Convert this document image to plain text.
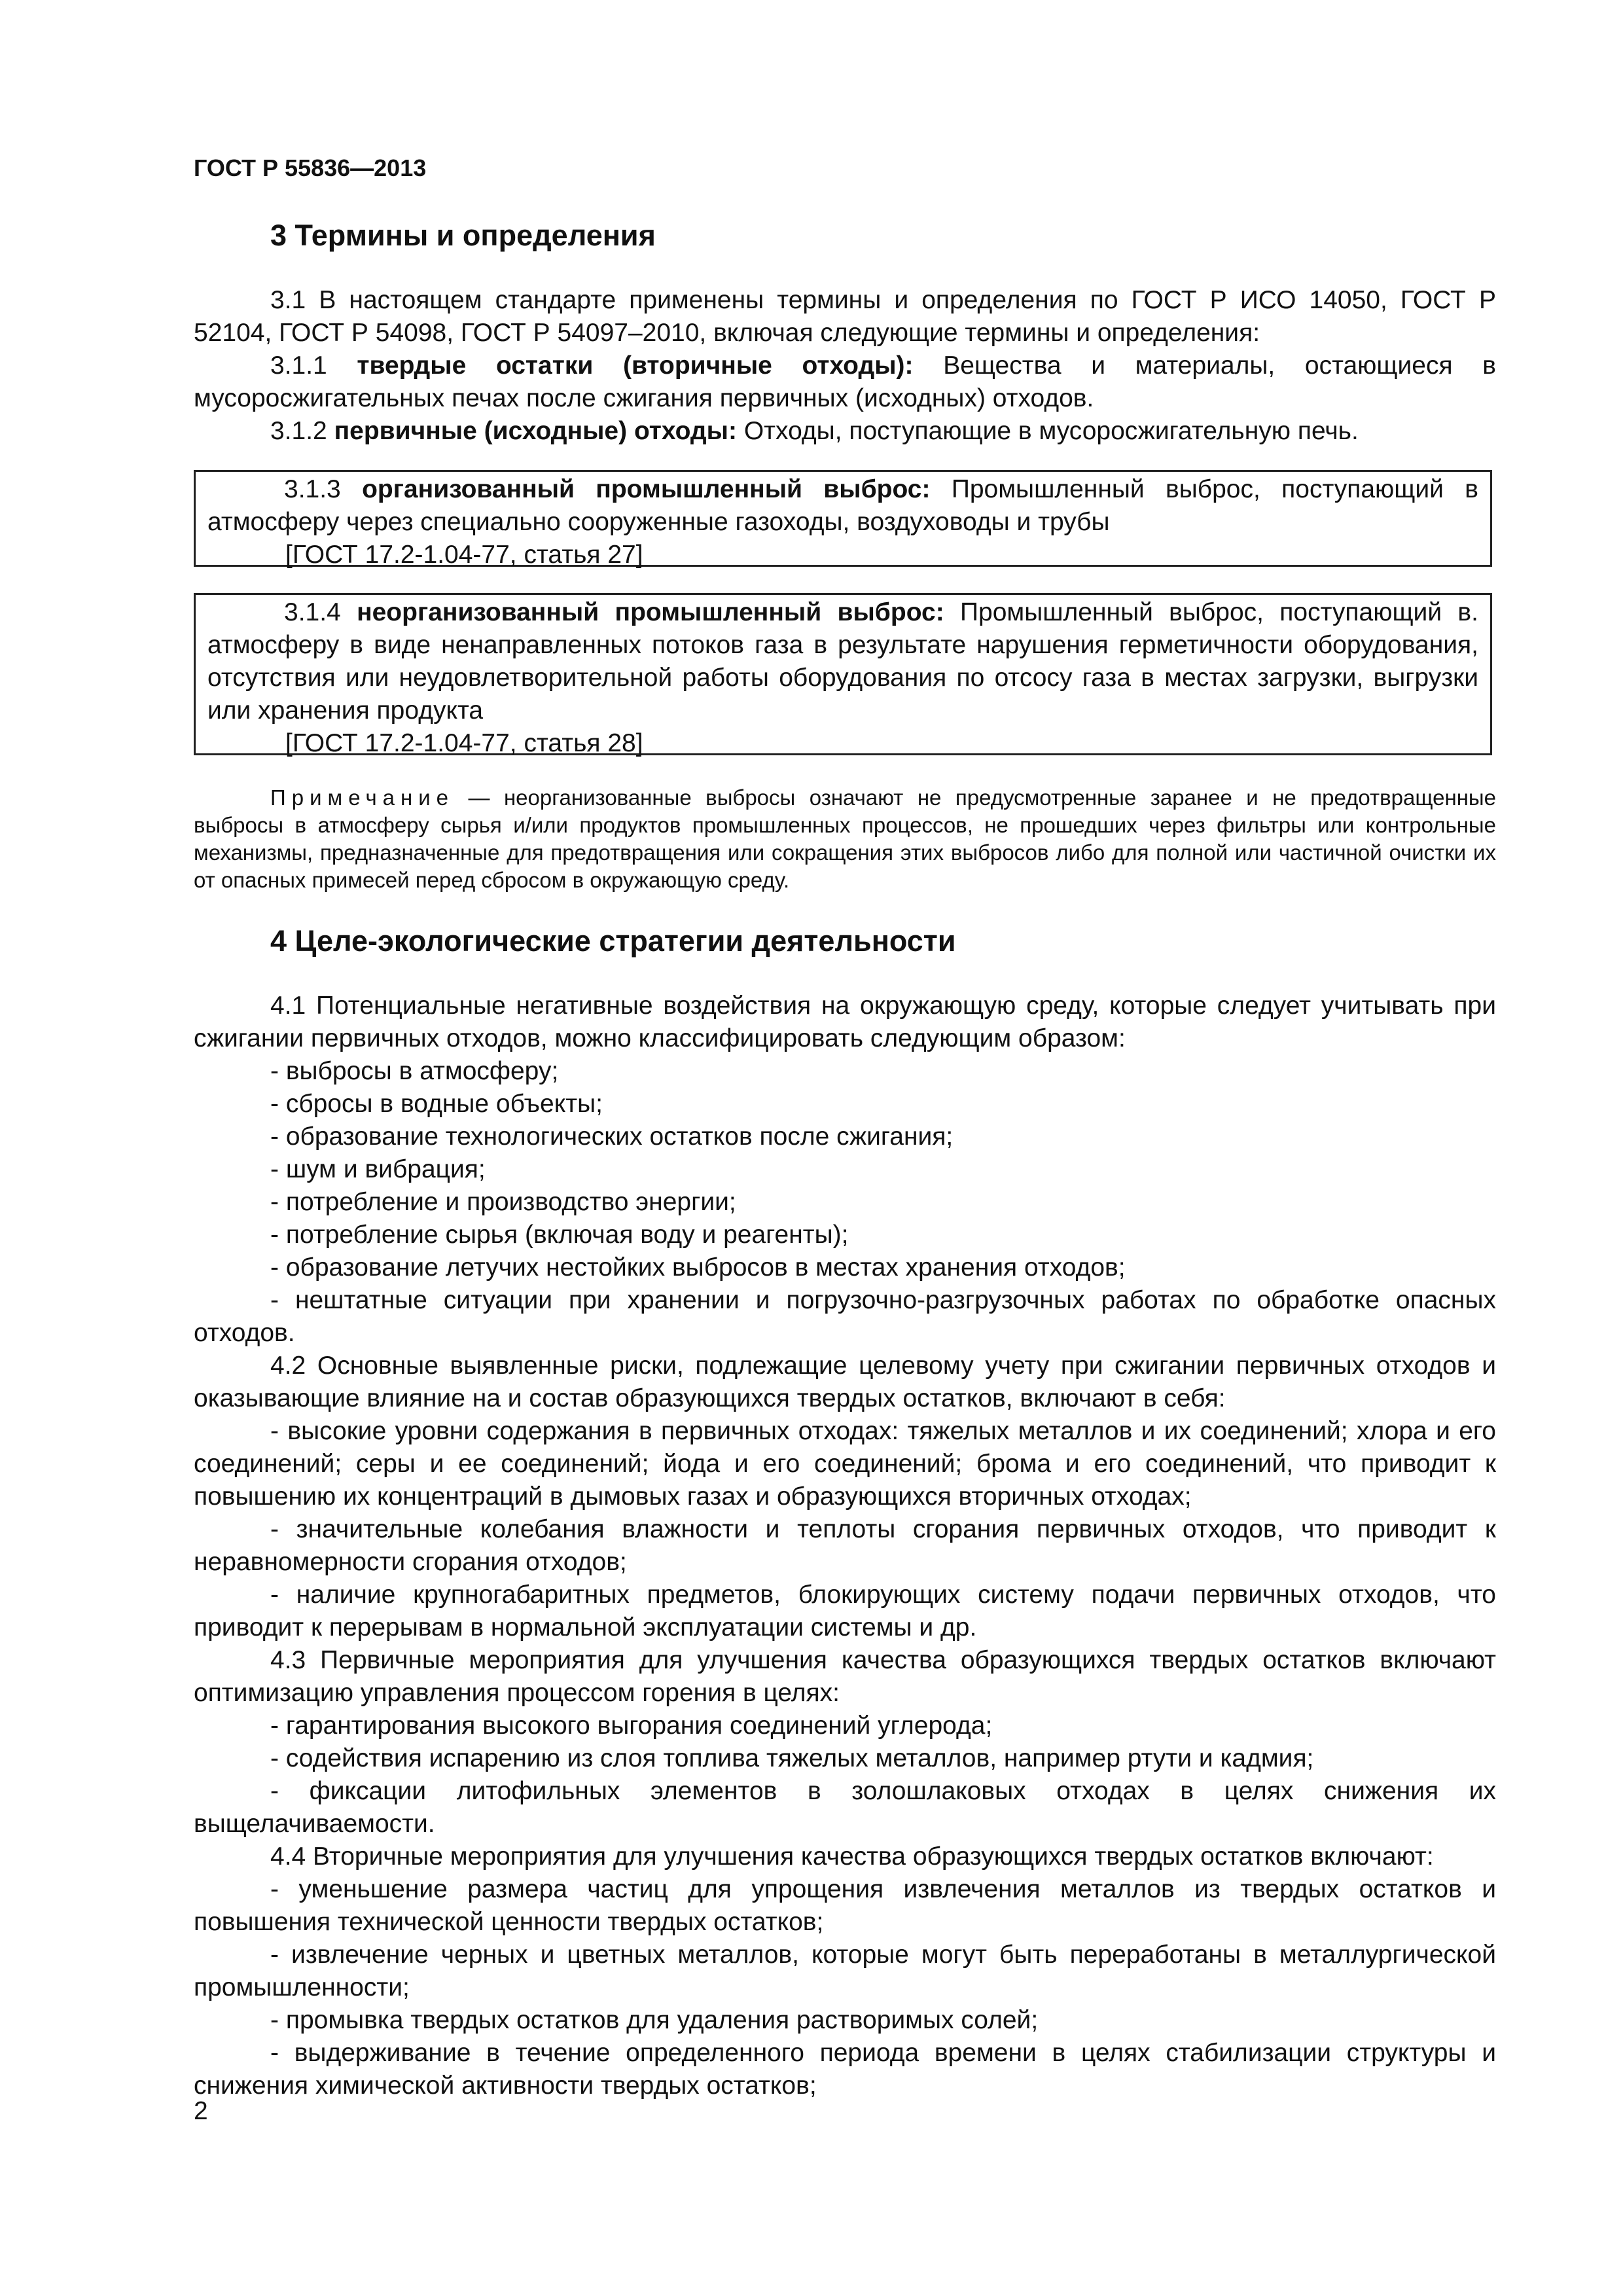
ГОСТ Р 55836—2013
3 Термины и определения

3.1 В настоящем стандарте применены термины и определения по ГОСТ Р ИСО 14050, ГОСТ Р 52104, ГОСТ Р 54098, ГОСТ Р 54097–2010, включая следующие термины и определения:

3.1.1 твердые остатки (вторичные отходы): Вещества и материалы, остающиеся в мусоросжигательных печах после сжигания первичных (исходных) отходов.

3.1.2 первичные (исходные) отходы: Отходы, поступающие в мусоросжигательную печь.

3.1.3 организованный промышленный выброс: Промышленный выброс, поступающий в атмосферу через специально сооруженные газоходы, воздуховоды и трубы

[ГОСТ 17.2-1.04-77, статья 27]

3.1.4 неорганизованный промышленный выброс: Промышленный выброс, поступающий в. атмосферу в виде ненаправленных потоков газа в результате нарушения герметичности оборудования, отсутствия или неудовлетворительной работы оборудования по отсосу газа в местах загрузки, выгрузки или хранения продукта

[ГОСТ 17.2-1.04-77, статья 28]

Примечание — неорганизованные выбросы означают не предусмотренные заранее и не предотвращенные выбросы в атмосферу сырья и/или продуктов промышленных процессов, не прошедших через фильтры или контрольные механизмы, предназначенные для предотвращения или сокращения этих выбросов либо для полной или частичной очистки их от опасных примесей перед сбросом в окружающую среду.

4 Целе-экологические стратегии деятельности

4.1 Потенциальные негативные воздействия на окружающую среду, которые следует учитывать при сжигании первичных отходов, можно классифицировать следующим образом:

- выбросы в атмосферу;

- сбросы в водные объекты;

- образование технологических остатков после сжигания;

- шум и вибрация;

- потребление и производство энергии;

- потребление сырья (включая воду и реагенты);

- образование летучих нестойких выбросов в местах хранения отходов;

- нештатные ситуации при хранении и погрузочно-разгрузочных работах по обработке опасных отходов.

4.2 Основные выявленные риски, подлежащие целевому учету при сжигании первичных отходов и оказывающие влияние на и состав образующихся твердых остатков, включают в себя:

- высокие уровни содержания в первичных отходах: тяжелых металлов и их соединений; хлора и его соединений; серы и ее соединений; йода и его соединений; брома и его соединений, что приводит к повышению их концентраций в дымовых газах и образующихся вторичных отходах;

- значительные колебания влажности и теплоты сгорания первичных отходов, что приводит к неравномерности сгорания отходов;

- наличие крупногабаритных предметов, блокирующих систему подачи первичных отходов, что приводит к перерывам в нормальной эксплуатации системы и др.

4.3 Первичные мероприятия для улучшения качества образующихся твердых остатков включают оптимизацию управления процессом горения в целях:

- гарантирования высокого выгорания соединений углерода;

- содействия испарению из слоя топлива тяжелых металлов, например ртути и кадмия;

- фиксации литофильных элементов в золошлаковых отходах в целях снижения их выщелачиваемости.

4.4 Вторичные мероприятия для улучшения качества образующихся твердых остатков включают:

- уменьшение размера частиц для упрощения извлечения металлов из твердых остатков и повышения технической ценности твердых остатков;

- извлечение черных и цветных металлов, которые могут быть переработаны в металлургической промышленности;

- промывка твердых остатков для удаления растворимых солей;

- выдерживание в течение определенного периода времени в целях стабилизации структуры и снижения химической активности твердых остатков;

2
